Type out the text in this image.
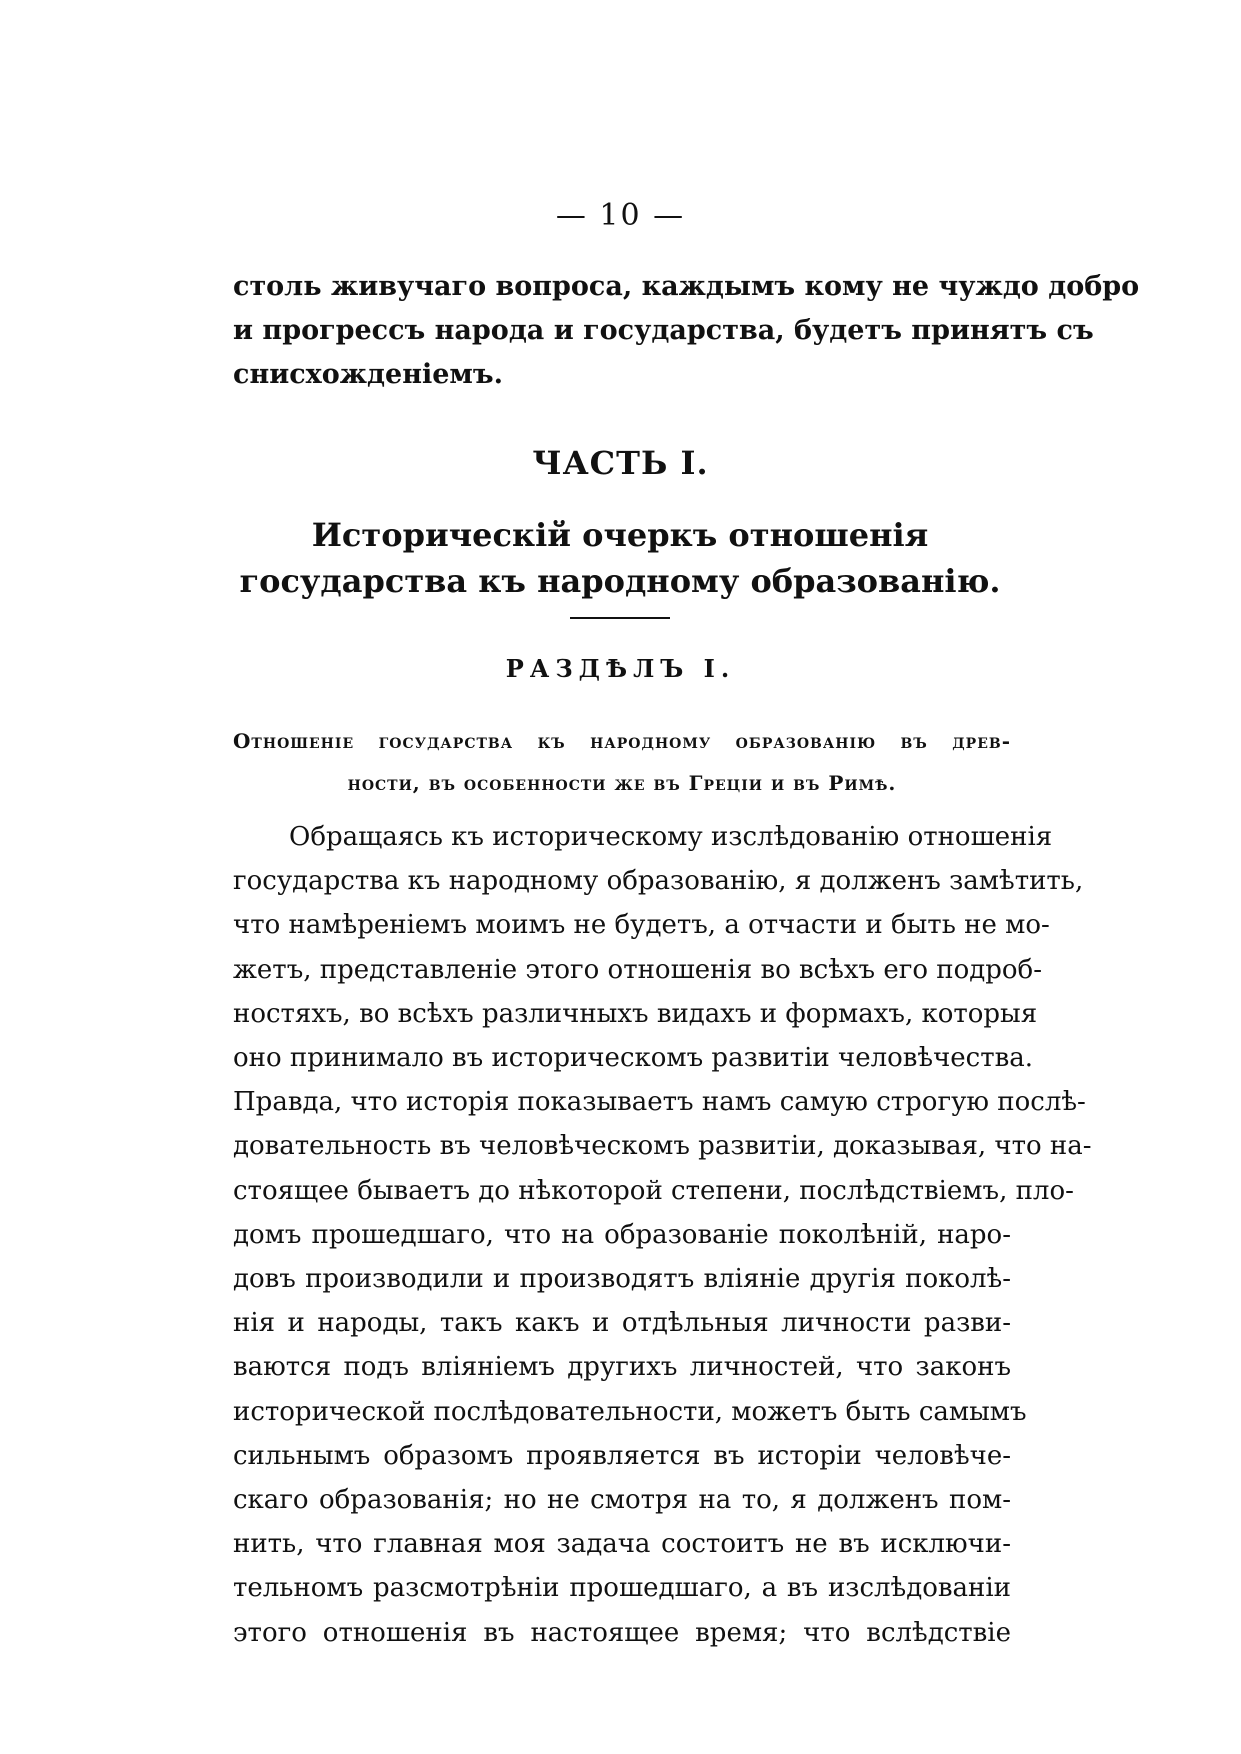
— 10 —
столь живучаго вопроса, каждымъ кому не чуждо добро
и прогрессъ народа и государства, будетъ принятъ съ
снисхожденіемъ.
ЧАСТЬ I.
Историческій очеркъ отношенія государства къ народному образованію.
РАЗДѢЛЪ I.
Отношеніе государства къ народному образованію въ древ-
ности, въ особенности же въ Греціи и въ Римѣ.
Обращаясь къ историческому изслѣдованію отношенія
государства къ народному образованію, я долженъ замѣтить,
что намѣреніемъ моимъ не будетъ, а отчасти и быть не мо-
жетъ, представленіе этого отношенія во всѣхъ его подроб-
ностяхъ, во всѣхъ различныхъ видахъ и формахъ, которыя
оно принимало въ историческомъ развитіи человѣчества.
Правда, что исторія показываетъ намъ самую строгую послѣ-
довательность въ человѣческомъ развитіи, доказывая, что на-
стоящее бываетъ до нѣкоторой степени, послѣдствіемъ, пло-
домъ прошедшаго, что на образованіе поколѣній, наро-
довъ производили и производятъ вліяніе другія поколѣ-
нія и народы, такъ какъ и отдѣльныя личности разви-
ваются подъ вліяніемъ другихъ личностей, что законъ
исторической послѣдовательности, можетъ быть самымъ
сильнымъ образомъ проявляется въ исторіи человѣче-
скаго образованія; но не смотря на то, я долженъ пом-
нить, что главная моя задача состоитъ не въ исключи-
тельномъ разсмотрѣніи прошедшаго, а въ изслѣдованіи
этого отношенія въ настоящее время; что вслѣдствіе
